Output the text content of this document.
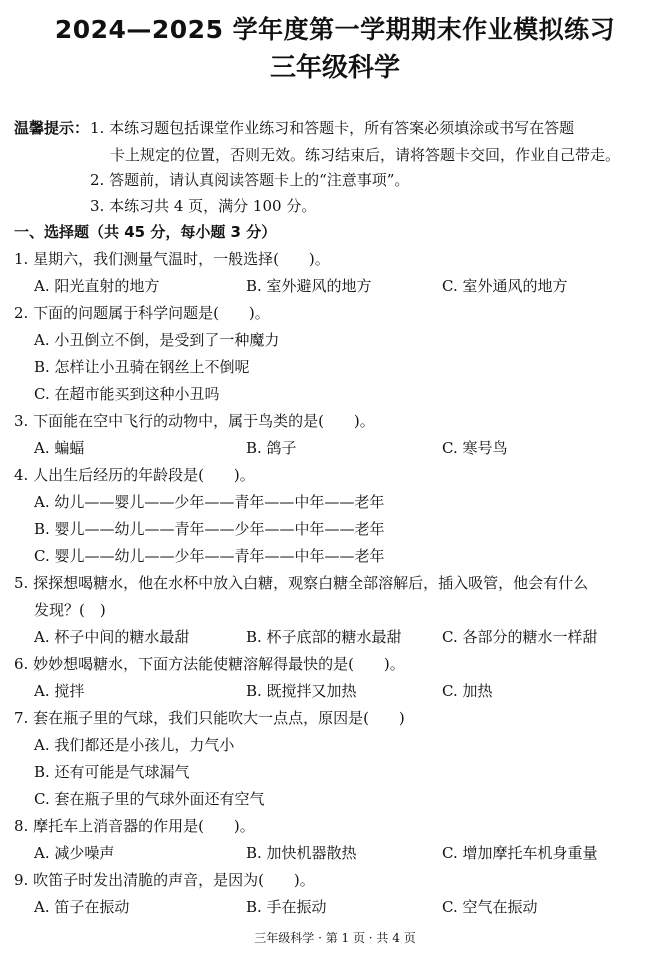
2024—2025 学年度第一学期期末作业模拟练习
三年级科学
温馨提示： 1. 本练习题包括课堂作业练习和答题卡，所有答案必须填涂或书写在答题
卡上规定的位置，否则无效。练习结束后，请将答题卡交回，作业自己带走。
2. 答题前，请认真阅读答题卡上的“注意事项”。
3. 本练习共 4 页，满分 100 分。
一、选择题（共 45 分，每小题 3 分）
1. 星期六，我们测量气温时，一般选择(　　)。
A. 阳光直射的地方	B. 室外避风的地方	C. 室外通风的地方
2. 下面的问题属于科学问题是(　　)。
A. 小丑倒立不倒，是受到了一种魔力
B. 怎样让小丑骑在钢丝上不倒呢
C. 在超市能买到这种小丑吗
3. 下面能在空中飞行的动物中，属于鸟类的是(　　)。
A. 蝙蝠	B. 鸽子	C. 寒号鸟
4. 人出生后经历的年龄段是(　　)。
A. 幼儿——婴儿——少年——青年——中年——老年
B. 婴儿——幼儿——青年——少年——中年——老年
C. 婴儿——幼儿——少年——青年——中年——老年
5. 探探想喝糖水，他在水杯中放入白糖，观察白糖全部溶解后，插入吸管，他会有什么
发现？(　)
A. 杯子中间的糖水最甜	B. 杯子底部的糖水最甜	C. 各部分的糖水一样甜
6. 妙妙想喝糖水，下面方法能使糖溶解得最快的是(　　)。
A. 搅拌	B. 既搅拌又加热	C. 加热
7. 套在瓶子里的气球，我们只能吹大一点点，原因是(　　)
A. 我们都还是小孩儿，力气小
B. 还有可能是气球漏气
C. 套在瓶子里的气球外面还有空气
8. 摩托车上消音器的作用是(　　)。
A. 减少噪声	B. 加快机器散热	C. 增加摩托车机身重量
9. 吹笛子时发出清脆的声音，是因为(　　)。
A. 笛子在振动	B. 手在振动	C. 空气在振动
三年级科学 · 第 1 页 · 共 4 页
